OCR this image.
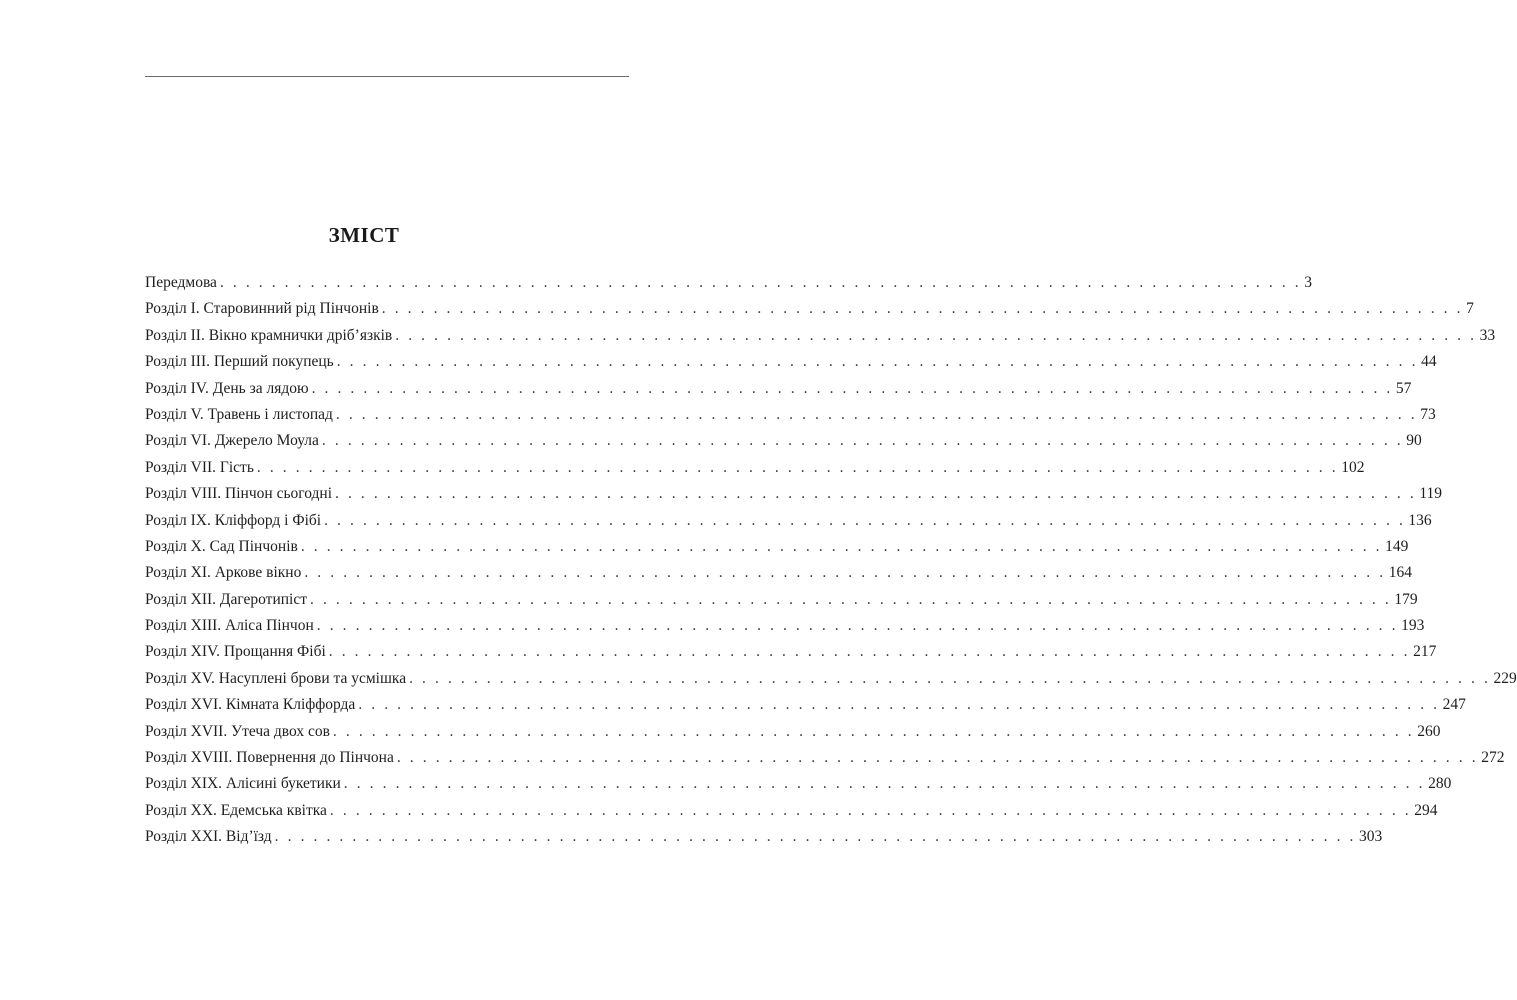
ЗМІСТ
Передмова . . . . . . . . . . . . . . . . . . . . . . . . . . . . . . . . . . . . . . . . . . . . . . . . . . . . . . . . . . . . . . . . . . . . . . . . . . . . . . . . . . . . 3
Розділ I. Старовинний рід Пінчонів . . . . . . . . . . . . . . . . . . . . . . . . . . . . . . . . . . . . . . . . . . . . . . . . . . . . . . . . . . . . . . . . . . . . . . . . . . . . . . . . . . . . 7
Розділ II. Вікно крамнички дрібʼязків . . . . . . . . . . . . . . . . . . . . . . . . . . . . . . . . . . . . . . . . . . . . . . . . . . . . . . . . . . . . . . . . . . . . . . . . . . . . . . . . . . . . 33
Розділ III. Перший покупець . . . . . . . . . . . . . . . . . . . . . . . . . . . . . . . . . . . . . . . . . . . . . . . . . . . . . . . . . . . . . . . . . . . . . . . . . . . . . . . . . . . . 44
Розділ IV. День за лядою . . . . . . . . . . . . . . . . . . . . . . . . . . . . . . . . . . . . . . . . . . . . . . . . . . . . . . . . . . . . . . . . . . . . . . . . . . . . . . . . . . . . 57
Розділ V. Травень і листопад . . . . . . . . . . . . . . . . . . . . . . . . . . . . . . . . . . . . . . . . . . . . . . . . . . . . . . . . . . . . . . . . . . . . . . . . . . . . . . . . . . . . 73
Розділ VI. Джерело Моула . . . . . . . . . . . . . . . . . . . . . . . . . . . . . . . . . . . . . . . . . . . . . . . . . . . . . . . . . . . . . . . . . . . . . . . . . . . . . . . . . . . . 90
Розділ VII. Гість . . . . . . . . . . . . . . . . . . . . . . . . . . . . . . . . . . . . . . . . . . . . . . . . . . . . . . . . . . . . . . . . . . . . . . . . . . . . . . . . . . . . 102
Розділ VIII. Пінчон сьогодні . . . . . . . . . . . . . . . . . . . . . . . . . . . . . . . . . . . . . . . . . . . . . . . . . . . . . . . . . . . . . . . . . . . . . . . . . . . . . . . . . . . . 119
Розділ IX. Кліффорд і Фібі . . . . . . . . . . . . . . . . . . . . . . . . . . . . . . . . . . . . . . . . . . . . . . . . . . . . . . . . . . . . . . . . . . . . . . . . . . . . . . . . . . . . 136
Розділ X. Сад Пінчонів . . . . . . . . . . . . . . . . . . . . . . . . . . . . . . . . . . . . . . . . . . . . . . . . . . . . . . . . . . . . . . . . . . . . . . . . . . . . . . . . . . . . 149
Розділ XI. Аркове вікно . . . . . . . . . . . . . . . . . . . . . . . . . . . . . . . . . . . . . . . . . . . . . . . . . . . . . . . . . . . . . . . . . . . . . . . . . . . . . . . . . . . . 164
Розділ XII. Дагеротипіст . . . . . . . . . . . . . . . . . . . . . . . . . . . . . . . . . . . . . . . . . . . . . . . . . . . . . . . . . . . . . . . . . . . . . . . . . . . . . . . . . . . . 179
Розділ XIII. Аліса Пінчон . . . . . . . . . . . . . . . . . . . . . . . . . . . . . . . . . . . . . . . . . . . . . . . . . . . . . . . . . . . . . . . . . . . . . . . . . . . . . . . . . . . . 193
Розділ XIV. Прощання Фібі . . . . . . . . . . . . . . . . . . . . . . . . . . . . . . . . . . . . . . . . . . . . . . . . . . . . . . . . . . . . . . . . . . . . . . . . . . . . . . . . . . . . 217
Розділ XV. Насуплені брови та усмішка . . . . . . . . . . . . . . . . . . . . . . . . . . . . . . . . . . . . . . . . . . . . . . . . . . . . . . . . . . . . . . . . . . . . . . . . . . . . . . . . . . . . 229
Розділ XVI. Кімната Кліффорда . . . . . . . . . . . . . . . . . . . . . . . . . . . . . . . . . . . . . . . . . . . . . . . . . . . . . . . . . . . . . . . . . . . . . . . . . . . . . . . . . . . . 247
Розділ XVII. Утеча двох сов . . . . . . . . . . . . . . . . . . . . . . . . . . . . . . . . . . . . . . . . . . . . . . . . . . . . . . . . . . . . . . . . . . . . . . . . . . . . . . . . . . . . 260
Розділ XVIII. Повернення до Пінчона . . . . . . . . . . . . . . . . . . . . . . . . . . . . . . . . . . . . . . . . . . . . . . . . . . . . . . . . . . . . . . . . . . . . . . . . . . . . . . . . . . . . 272
Розділ XIX. Алісині букетики . . . . . . . . . . . . . . . . . . . . . . . . . . . . . . . . . . . . . . . . . . . . . . . . . . . . . . . . . . . . . . . . . . . . . . . . . . . . . . . . . . . . 280
Розділ XX. Едемська квітка . . . . . . . . . . . . . . . . . . . . . . . . . . . . . . . . . . . . . . . . . . . . . . . . . . . . . . . . . . . . . . . . . . . . . . . . . . . . . . . . . . . . 294
Розділ XXI. Відʼїзд . . . . . . . . . . . . . . . . . . . . . . . . . . . . . . . . . . . . . . . . . . . . . . . . . . . . . . . . . . . . . . . . . . . . . . . . . . . . . . . . . . . . 303
